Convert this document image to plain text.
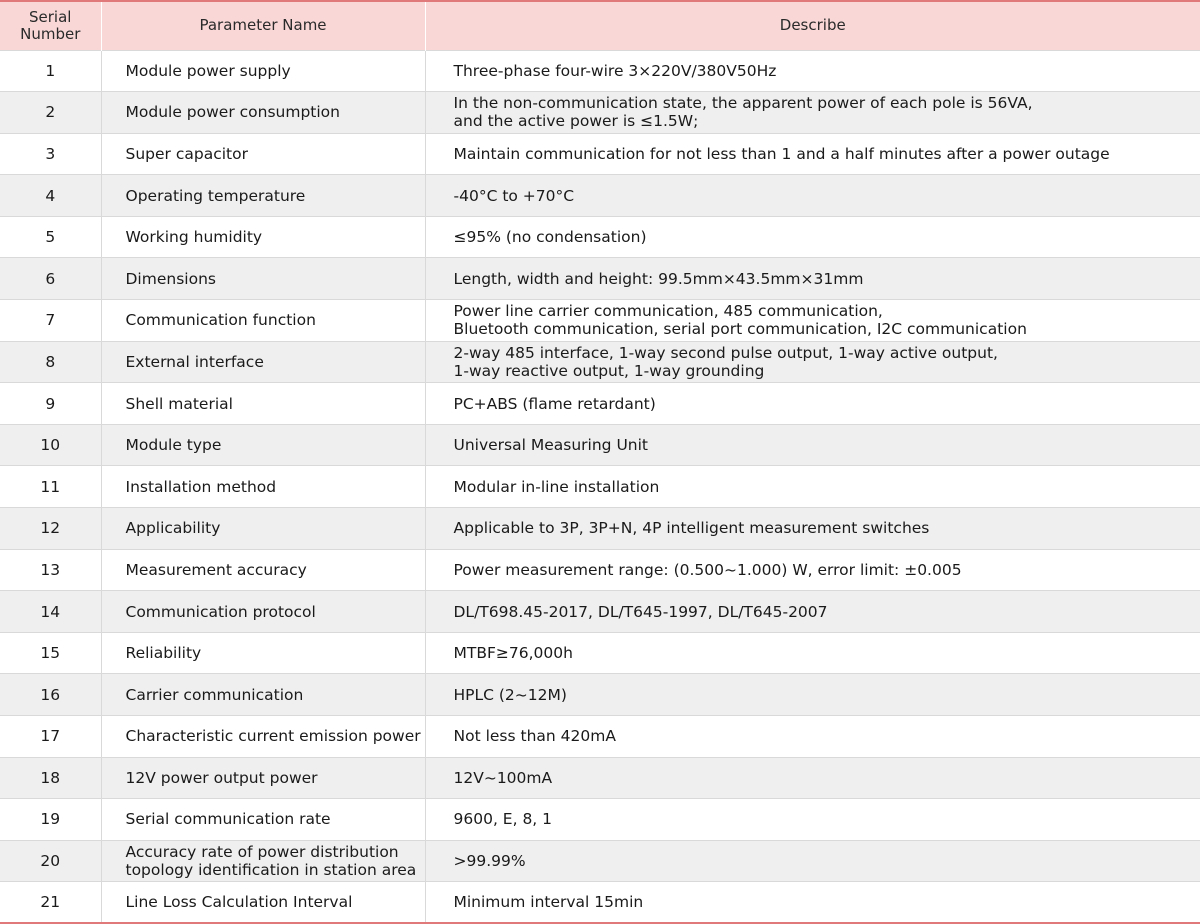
Serial Number	Parameter Name	Describe
1	Module power supply	Three-phase four-wire 3×220V/380V50Hz
2	Module power consumption	In the non-communication state, the apparent power of each pole is 56VA,
and the active power is ≤1.5W;
3	Super capacitor	Maintain communication for not less than 1 and a half minutes after a power outage
4	Operating temperature	-40°C to +70°C
5	Working humidity	≤95% (no condensation)
6	Dimensions	Length, width and height: 99.5mm×43.5mm×31mm
7	Communication function	Power line carrier communication, 485 communication,
Bluetooth communication, serial port communication, I2C communication
8	External interface	2-way 485 interface, 1-way second pulse output, 1-way active output,
1-way reactive output, 1-way grounding
9	Shell material	PC+ABS (flame retardant)
10	Module type	Universal Measuring Unit
11	Installation method	Modular in-line installation
12	Applicability	Applicable to 3P, 3P+N, 4P intelligent measurement switches
13	Measurement accuracy	Power measurement range: (0.500~1.000) W, error limit: ±0.005
14	Communication protocol	DL/T698.45-2017, DL/T645-1997, DL/T645-2007
15	Reliability	MTBF≥76,000h
16	Carrier communication	HPLC (2~12M)
17	Characteristic current emission power	Not less than 420mA
18	12V power output power	12V~100mA
19	Serial communication rate	9600, E, 8, 1
20	Accuracy rate of power distribution
topology identification in station area	>99.99%
21	Line Loss Calculation Interval	Minimum interval 15min
